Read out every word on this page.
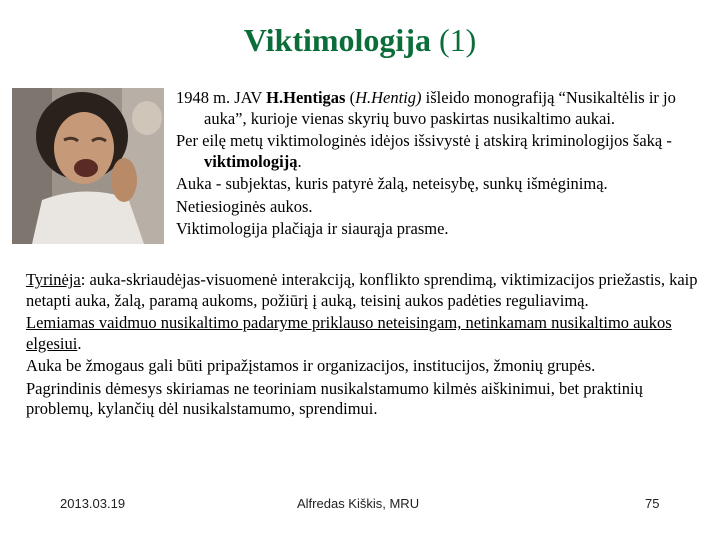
Viktimologija (1)

1948 m. JAV H.Hentigas (H.Hentig) išleido monografiją “Nusikaltėlis ir jo auka”, kurioje vienas skyrių buvo paskirtas nusikaltimo aukai.

Per eilę metų viktimologinės idėjos išsivystė į atskirą kriminologijos šaką - viktimologiją.

Auka - subjektas, kuris patyrė žalą, neteisybę, sunkų išmėginimą.

Netiesioginės aukos.

Viktimologija plačiąja ir siaurąja prasme.

Tyrinėja: auka-skriaudėjas-visuomenė interakciją, konflikto sprendimą, viktimizacijos priežastis, kaip netapti auka, žalą, paramą aukoms, požiūrį į auką, teisinį aukos padėties reguliavimą.

Lemiamas vaidmuo nusikaltimo padaryme priklauso neteisingam, netinkamam nusikaltimo aukos elgesiui.

Auka be žmogaus gali būti pripažįstamos ir organizacijos, institucijos, žmonių grupės.

Pagrindinis dėmesys skiriamas ne teoriniam nusikalstamumo kilmės aiškinimui, bet praktinių problemų, kylančių dėl nusikalstamumo, sprendimui.

2013.03.19	Alfredas Kiškis, MRU	75
